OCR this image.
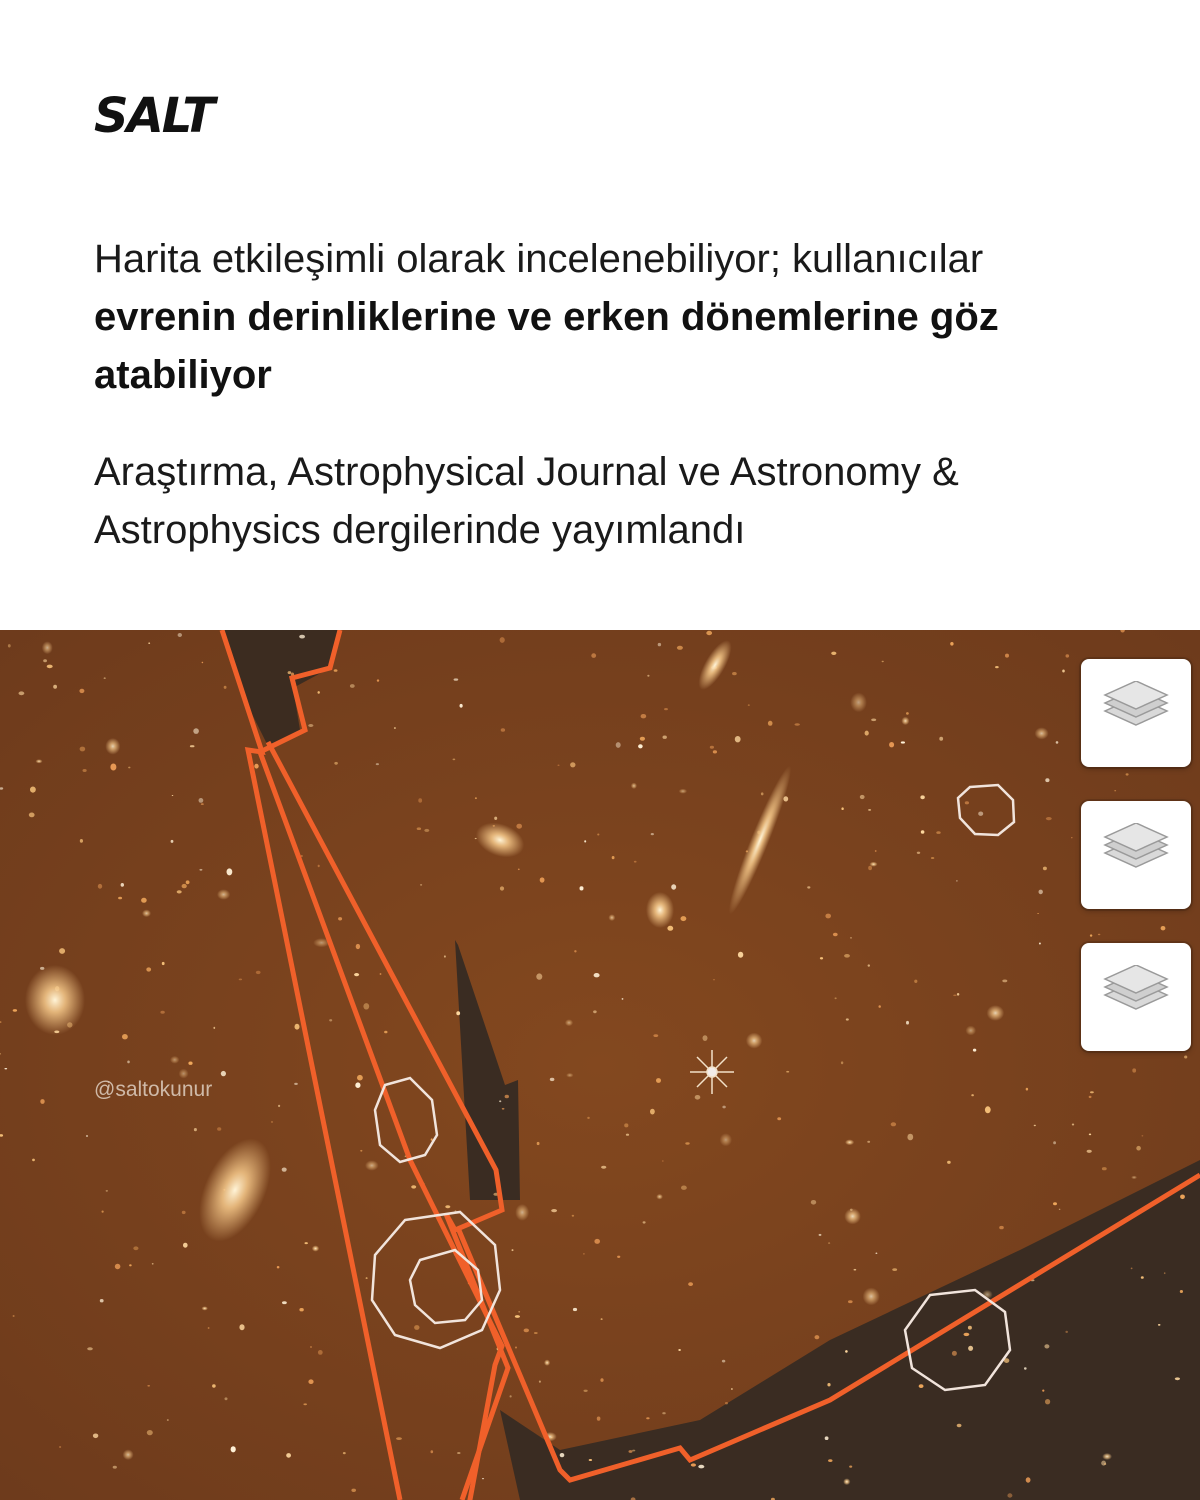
SALT
Harita etkileşimli olarak incelenebiliyor; kullanıcılar evrenin derinliklerine ve erken dönemlerine göz atabiliyor
Araştırma, Astrophysical Journal ve Astronomy & Astrophysics dergilerinde yayımlandı
@saltokunur
